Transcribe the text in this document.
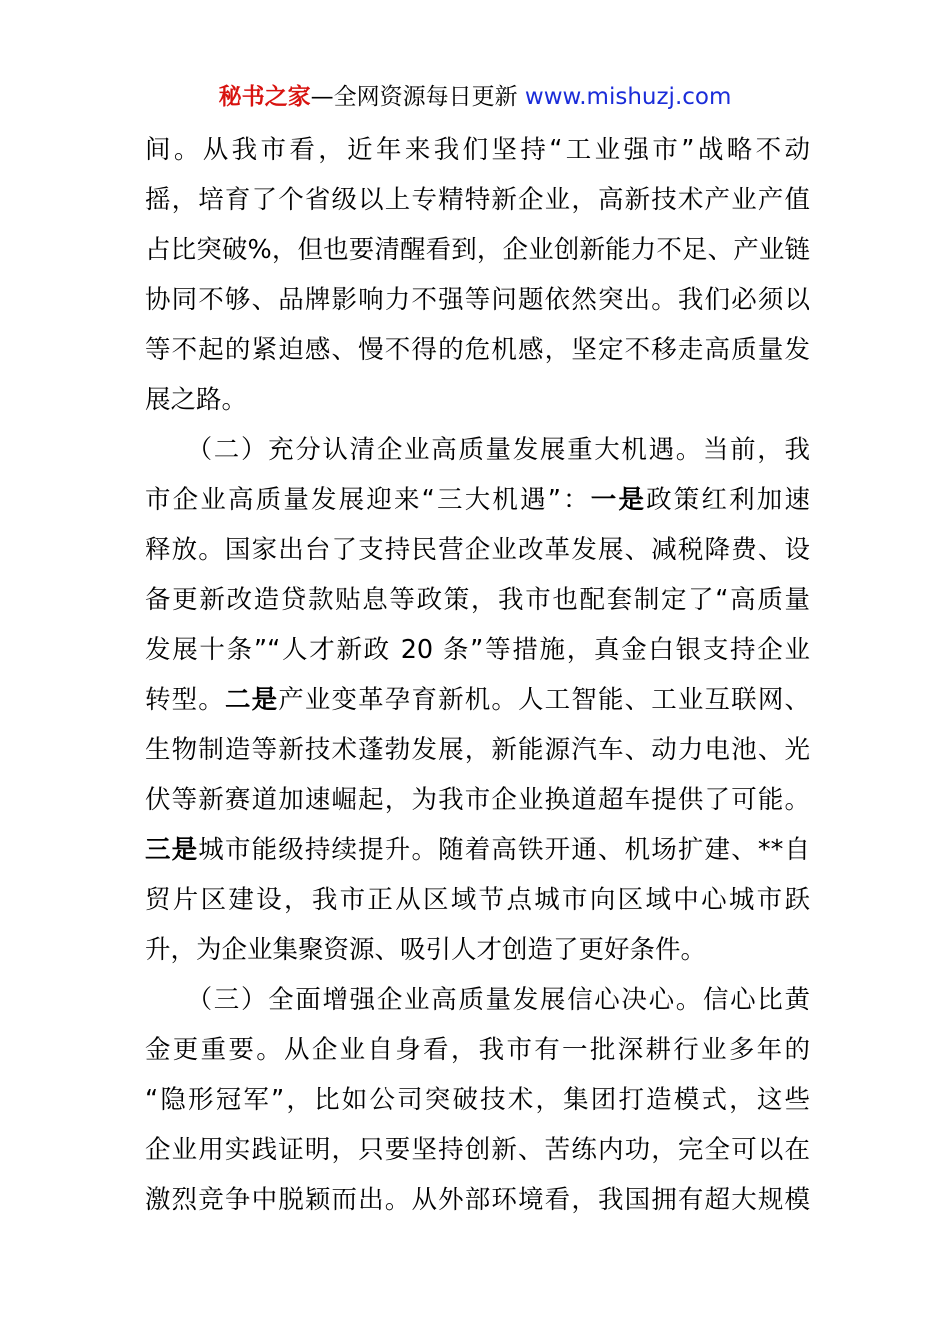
秘书之家—全网资源每日更新 www.mishuzj.com
间。从我市看，近年来我们坚持“工业强市”战略不动
摇，培育了个省级以上专精特新企业，高新技术产业产值
占比突破%，但也要清醒看到，企业创新能力不足、产业链
协同不够、品牌影响力不强等问题依然突出。我们必须以
等不起的紧迫感、慢不得的危机感，坚定不移走高质量发
展之路。
　　（二）充分认清企业高质量发展重大机遇。当前，我
市企业高质量发展迎来“三大机遇”：一是政策红利加速
释放。国家出台了支持民营企业改革发展、减税降费、设
备更新改造贷款贴息等政策，我市也配套制定了“高质量
发展十条”“人才新政 20 条”等措施，真金白银支持企业
转型。二是产业变革孕育新机。人工智能、工业互联网、
生物制造等新技术蓬勃发展，新能源汽车、动力电池、光
伏等新赛道加速崛起，为我市企业换道超车提供了可能。
三是城市能级持续提升。随着高铁开通、机场扩建、**自
贸片区建设，我市正从区域节点城市向区域中心城市跃
升，为企业集聚资源、吸引人才创造了更好条件。
　　（三）全面增强企业高质量发展信心决心。信心比黄
金更重要。从企业自身看，我市有一批深耕行业多年的
“隐形冠军”，比如公司突破技术，集团打造模式，这些
企业用实践证明，只要坚持创新、苦练内功，完全可以在
激烈竞争中脱颖而出。从外部环境看，我国拥有超大规模
